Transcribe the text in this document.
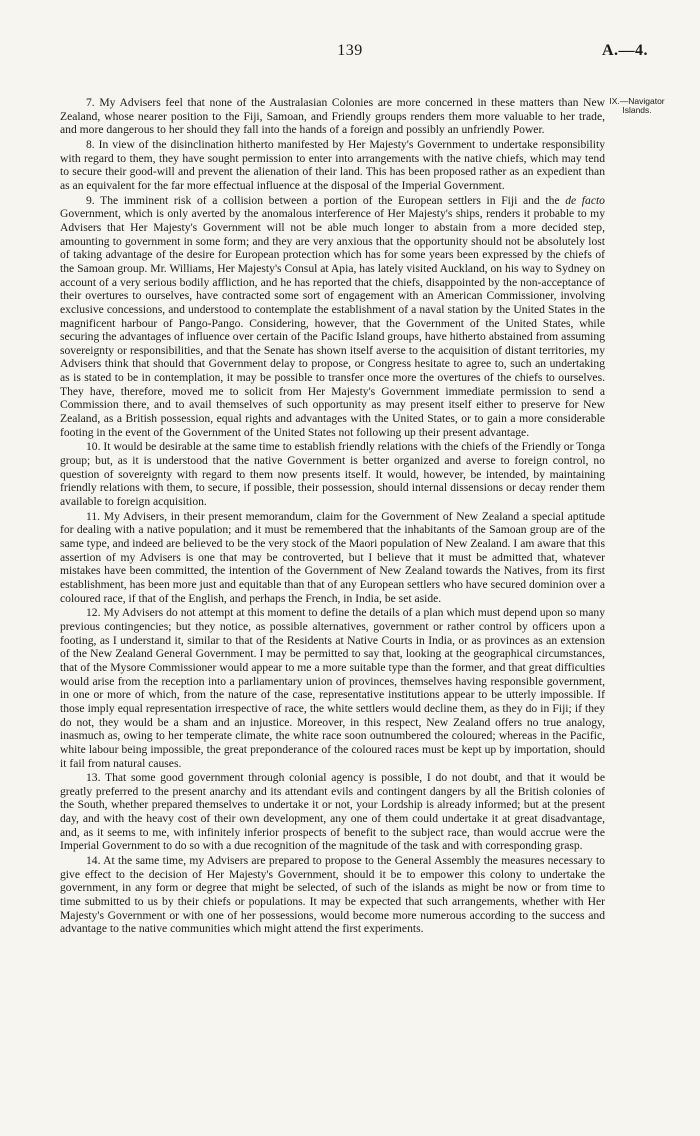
139	A.—4.
IX.—Navigator Islands.

7. My Advisers feel that none of the Australasian Colonies are more concerned in these matters than New Zealand, whose nearer position to the Fiji, Samoan, and Friendly groups renders them more valuable to her trade, and more dangerous to her should they fall into the hands of a foreign and possibly an unfriendly Power.

8. In view of the disinclination hitherto manifested by Her Majesty's Government to undertake responsibility with regard to them, they have sought permission to enter into arrangements with the native chiefs, which may tend to secure their good-will and prevent the alienation of their land. This has been proposed rather as an expedient than as an equivalent for the far more effectual influence at the disposal of the Imperial Government.

9. The imminent risk of a collision between a portion of the European settlers in Fiji and the de facto Government, which is only averted by the anomalous interference of Her Majesty's ships, renders it probable to my Advisers that Her Majesty's Government will not be able much longer to abstain from a more decided step, amounting to government in some form; and they are very anxious that the opportunity should not be absolutely lost of taking advantage of the desire for European protection which has for some years been expressed by the chiefs of the Samoan group. Mr. Williams, Her Majesty's Consul at Apia, has lately visited Auckland, on his way to Sydney on account of a very serious bodily affliction, and he has reported that the chiefs, disappointed by the non-acceptance of their overtures to ourselves, have contracted some sort of engagement with an American Commissioner, involving exclusive concessions, and understood to contemplate the establishment of a naval station by the United States in the magnificent harbour of Pango-Pango. Considering, however, that the Government of the United States, while securing the advantages of influence over certain of the Pacific Island groups, have hitherto abstained from assuming sovereignty or responsibilities, and that the Senate has shown itself averse to the acquisition of distant territories, my Advisers think that should that Government delay to propose, or Congress hesitate to agree to, such an undertaking as is stated to be in contemplation, it may be possible to transfer once more the overtures of the chiefs to ourselves. They have, therefore, moved me to solicit from Her Majesty's Government immediate permission to send a Commission there, and to avail themselves of such opportunity as may present itself either to preserve for New Zealand, as a British possession, equal rights and advantages with the United States, or to gain a more considerable footing in the event of the Government of the United States not following up their present advantage.

10. It would be desirable at the same time to establish friendly relations with the chiefs of the Friendly or Tonga group; but, as it is understood that the native Government is better organized and averse to foreign control, no question of sovereignty with regard to them now presents itself. It would, however, be intended, by maintaining friendly relations with them, to secure, if possible, their possession, should internal dissensions or decay render them available to foreign acquisition.

11. My Advisers, in their present memorandum, claim for the Government of New Zealand a special aptitude for dealing with a native population; and it must be remembered that the inhabitants of the Samoan group are of the same type, and indeed are believed to be the very stock of the Maori population of New Zealand. I am aware that this assertion of my Advisers is one that may be controverted, but I believe that it must be admitted that, whatever mistakes have been committed, the intention of the Government of New Zealand towards the Natives, from its first establishment, has been more just and equitable than that of any European settlers who have secured dominion over a coloured race, if that of the English, and perhaps the French, in India, be set aside.

12. My Advisers do not attempt at this moment to define the details of a plan which must depend upon so many previous contingencies; but they notice, as possible alternatives, government or rather control by officers upon a footing, as I understand it, similar to that of the Residents at Native Courts in India, or as provinces as an extension of the New Zealand General Government. I may be permitted to say that, looking at the geographical circumstances, that of the Mysore Commissioner would appear to me a more suitable type than the former, and that great difficulties would arise from the reception into a parliamentary union of provinces, themselves having responsible government, in one or more of which, from the nature of the case, representative institutions appear to be utterly impossible. If those imply equal representation irrespective of race, the white settlers would decline them, as they do in Fiji; if they do not, they would be a sham and an injustice. Moreover, in this respect, New Zealand offers no true analogy, inasmuch as, owing to her temperate climate, the white race soon outnumbered the coloured; whereas in the Pacific, white labour being impossible, the great preponderance of the coloured races must be kept up by importation, should it fail from natural causes.

13. That some good government through colonial agency is possible, I do not doubt, and that it would be greatly preferred to the present anarchy and its attendant evils and contingent dangers by all the British colonies of the South, whether prepared themselves to undertake it or not, your Lordship is already informed; but at the present day, and with the heavy cost of their own development, any one of them could undertake it at great disadvantage, and, as it seems to me, with infinitely inferior prospects of benefit to the subject race, than would accrue were the Imperial Government to do so with a due recognition of the magnitude of the task and with corresponding grasp.

14. At the same time, my Advisers are prepared to propose to the General Assembly the measures necessary to give effect to the decision of Her Majesty's Government, should it be to empower this colony to undertake the government, in any form or degree that might be selected, of such of the islands as might be now or from time to time submitted to us by their chiefs or populations. It may be expected that such arrangements, whether with Her Majesty's Government or with one of her possessions, would become more numerous according to the success and advantage to the native communities which might attend the first experiments.
